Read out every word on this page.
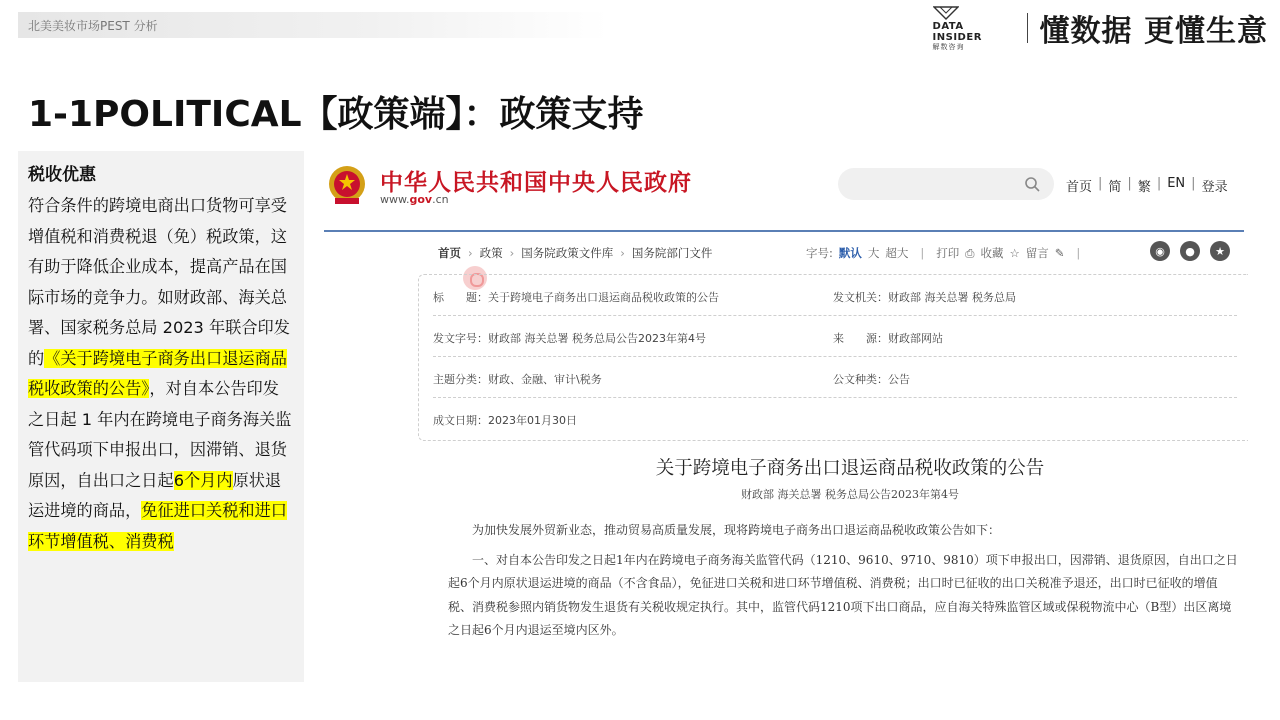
北美美妆市场PEST 分析	DATA INSIDER
解数咨询	懂数据 更懂生意
1-1POLITICAL【政策端】：政策支持
税收优惠
符合条件的跨境电商出口货物可享受增值税和消费税退（免）税政策，这有助于降低企业成本，提高产品在国际市场的竞争力。如财政部、海关总署、国家税务总局 2023 年联合印发的《关于跨境电子商务出口退运商品税收政策的公告》，对自本公告印发之日起 1 年内在跨境电子商务海关监管代码项下申报出口，因滞销、退货原因，自出口之日起6个月内原状退运进境的商品，免征进口关税和进口环节增值税、消费税
中华人民共和国中央人民政府
www.gov.cn
首页 | 简 | 繁 | EN | 登录
首页 › 政策 › 国务院政策文件库 › 国务院部门文件	字号: 默认 大 超大 | 打印 ⎙ 收藏 ☆ 留言 ✎ |	◉	●	★
标　　题：关于跨境电子商务出口退运商品税收政策的公告	发文机关：财政部 海关总署 税务总局
发文字号：财政部 海关总署 税务总局公告2023年第4号	来　　源：财政部网站
主题分类：财政、金融、审计\税务	公文种类：公告
成文日期：2023年01月30日
关于跨境电子商务出口退运商品税收政策的公告
财政部 海关总署 税务总局公告2023年第4号

为加快发展外贸新业态，推动贸易高质量发展，现将跨境电子商务出口退运商品税收政策公告如下：

一、对自本公告印发之日起1年内在跨境电子商务海关监管代码（1210、9610、9710、9810）项下申报出口，因滞销、退货原因，自出口之日起6个月内原状退运进境的商品（不含食品），免征进口关税和进口环节增值税、消费税；出口时已征收的出口关税准予退还，出口时已征收的增值税、消费税参照内销货物发生退货有关税收规定执行。其中，监管代码1210项下出口商品，应自海关特殊监管区域或保税物流中心（B型）出区离境之日起6个月内退运至境内区外。
